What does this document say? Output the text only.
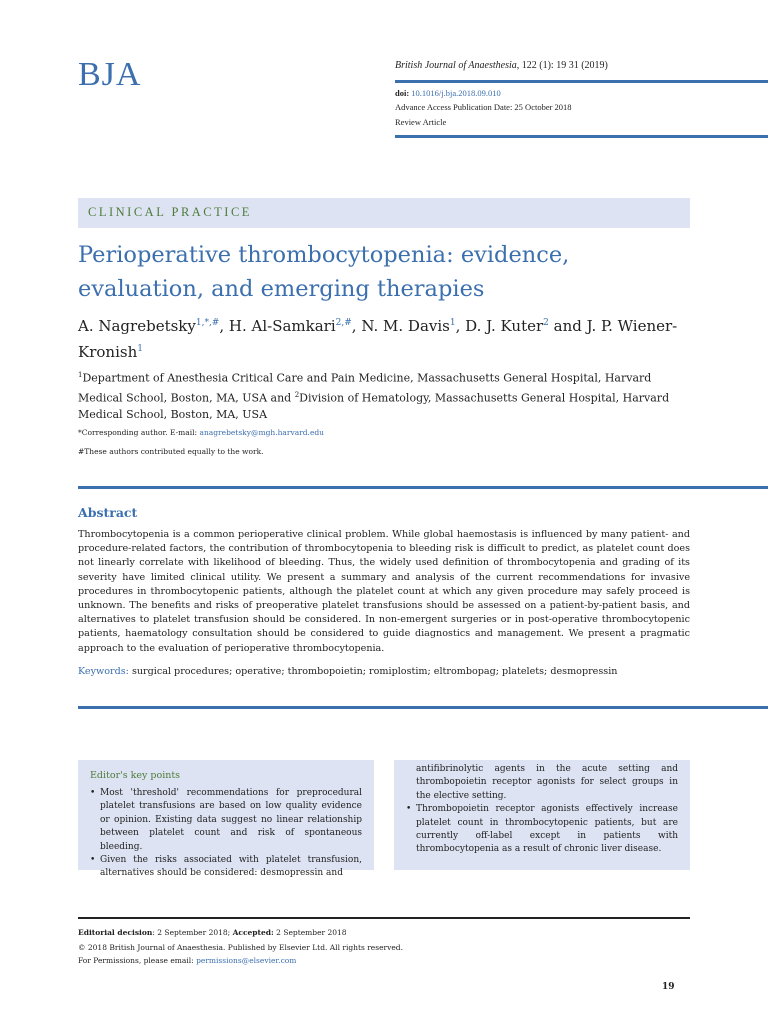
BJA	British Journal of Anaesthesia, 122 (1): 19 31 (2019)
doi: 10.1016/j.bja.2018.09.010
Advance Access Publication Date: 25 October 2018
Review Article
CLINICAL PRACTICE
Perioperative thrombocytopenia: evidence, evaluation, and emerging therapies
A. Nagrebetsky$^{1,*,\#}$, H. Al-Samkari$^{2,\#}$, N. M. Davis$^1$, D. J. Kuter$^2$ and J. P. Wiener-Kronish$^1$
$^1$Department of Anesthesia Critical Care and Pain Medicine, Massachusetts General Hospital, Harvard Medical School, Boston, MA, USA and $^2$Division of Hematology, Massachusetts General Hospital, Harvard Medical School, Boston, MA, USA
*Corresponding author. E-mail: anagrebetsky@mgh.harvard.edu
#These authors contributed equally to the work.
Abstract
Thrombocytopenia is a common perioperative clinical problem. While global haemostasis is influenced by many patient- and procedure-related factors, the contribution of thrombocytopenia to bleeding risk is difficult to predict, as platelet count does not linearly correlate with likelihood of bleeding. Thus, the widely used definition of thrombocytopenia and grading of its severity have limited clinical utility. We present a summary and analysis of the current recommendations for invasive procedures in thrombocytopenic patients, although the platelet count at which any given procedure may safely proceed is unknown. The benefits and risks of preoperative platelet transfusions should be assessed on a patient-by-patient basis, and alternatives to platelet transfusion should be considered. In non-emergent surgeries or in post-operative thrombocytopenic patients, haematology consultation should be considered to guide diagnostics and management. We present a pragmatic approach to the evaluation of perioperative thrombocytopenia.
Keywords: surgical procedures; operative; thrombopoietin; romiplostim; eltrombopag; platelets; desmopressin
Editor's key points
• Most 'threshold' recommendations for preprocedural platelet transfusions are based on low quality evidence or opinion. Existing data suggest no linear relationship between platelet count and risk of spontaneous bleeding.
• Given the risks associated with platelet transfusion, alternatives should be considered: desmopressin and
antifibrinolytic agents in the acute setting and thrombopoietin receptor agonists for select groups in the elective setting.
• Thrombopoietin receptor agonists effectively increase platelet count in thrombocytopenic patients, but are currently off-label except in patients with thrombocytopenia as a result of chronic liver disease.
Editorial decision: 2 September 2018; Accepted: 2 September 2018
© 2018 British Journal of Anaesthesia. Published by Elsevier Ltd. All rights reserved.
For Permissions, please email: permissions@elsevier.com
19
